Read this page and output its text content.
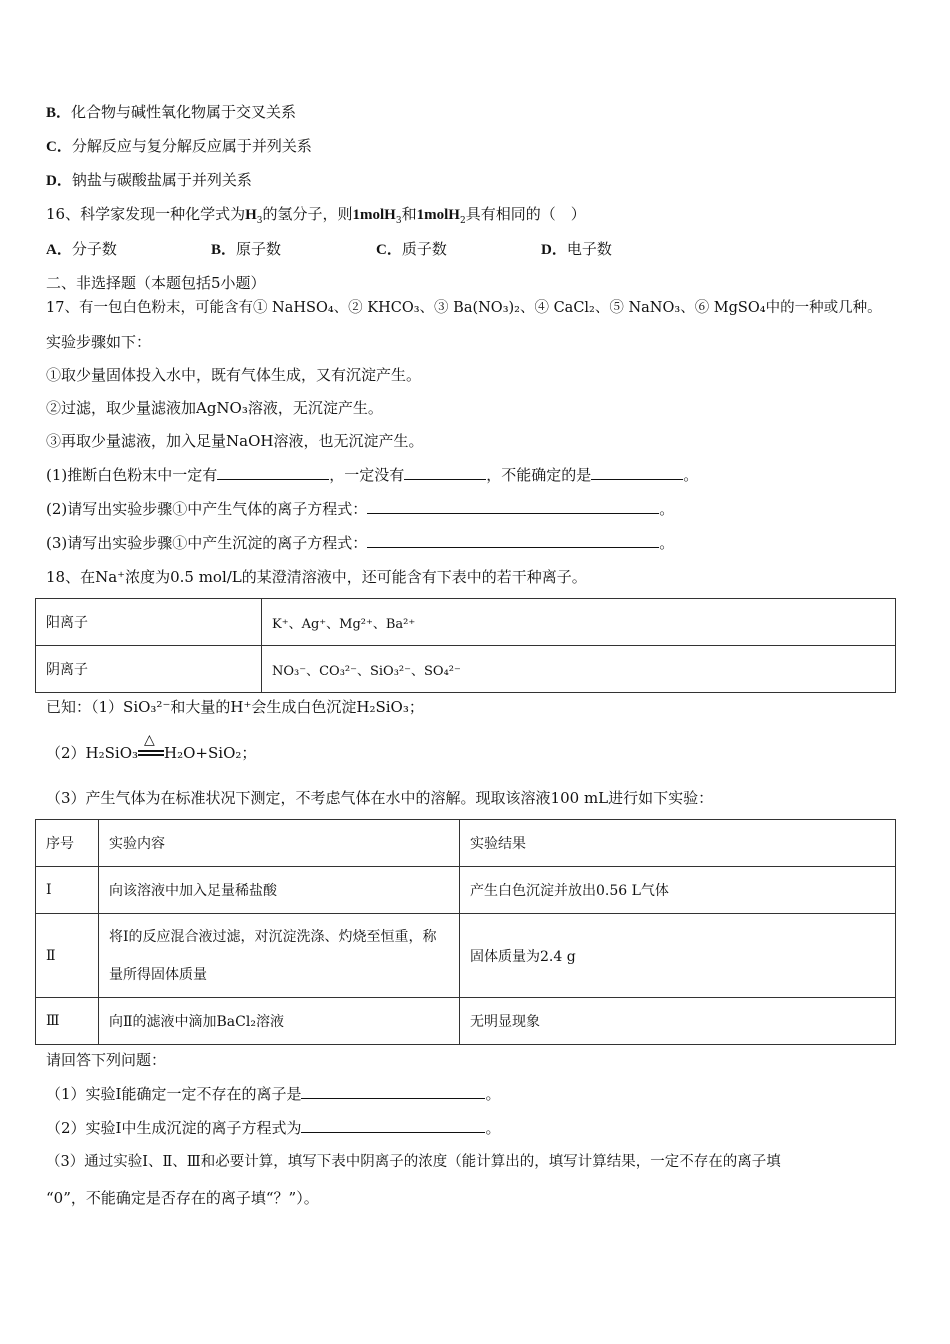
B．化合物与碱性氧化物属于交叉关系
C．分解反应与复分解反应属于并列关系
D．钠盐与碳酸盐属于并列关系
16、科学家发现一种化学式为$H_3$的氢分子，则1molH$_3$和1molH$_2$具有相同的（　）
A．分子数	B．原子数	C．质子数	D．电子数
二、非选择题（本题包括5小题）
17、有一包白色粉末，可能含有① NaHSO₄、② KHCO₃、③ Ba(NO₃)₂、④ CaCl₂、⑤ NaNO₃、⑥ MgSO₄中的一种或几种。
实验步骤如下：
①取少量固体投入水中，既有气体生成，又有沉淀产生。
②过滤，取少量滤液加AgNO₃溶液，无沉淀产生。
③再取少量滤液，加入足量NaOH溶液，也无沉淀产生。
(1)推断白色粉末中一定有	，一定没有	，不能确定的是	。
(2)请写出实验步骤①中产生气体的离子方程式：	。
(3)请写出实验步骤①中产生沉淀的离子方程式：	。
18、在Na⁺浓度为0.5 mol/L的某澄清溶液中，还可能含有下表中的若干种离子。
阳离子	K⁺、Ag⁺、Mg²⁺、Ba²⁺
阴离子	NO₃⁻、CO₃²⁻、SiO₃²⁻、SO₄²⁻
已知：（1）SiO₃²⁻和大量的H⁺会生成白色沉淀H₂SiO₃；
（2）H₂SiO₃
△
H₂O+SiO₂；
（3）产生气体为在标准状况下测定，不考虑气体在水中的溶解。现取该溶液100 mL进行如下实验：
序号	实验内容	实验结果
Ⅰ	向该溶液中加入足量稀盐酸	产生白色沉淀并放出0.56 L气体
Ⅱ	将Ⅰ的反应混合液过滤，对沉淀洗涤、灼烧至恒重，称量所得固体质量	固体质量为2.4 g
Ⅲ	向Ⅱ的滤液中滴加BaCl₂溶液	无明显现象
请回答下列问题：
（1）实验Ⅰ能确定一定不存在的离子是	。
（2）实验Ⅰ中生成沉淀的离子方程式为	。
（3）通过实验Ⅰ、Ⅱ、Ⅲ和必要计算，填写下表中阴离子的浓度（能计算出的，填写计算结果，一定不存在的离子填
“0”，不能确定是否存在的离子填“？”）。
